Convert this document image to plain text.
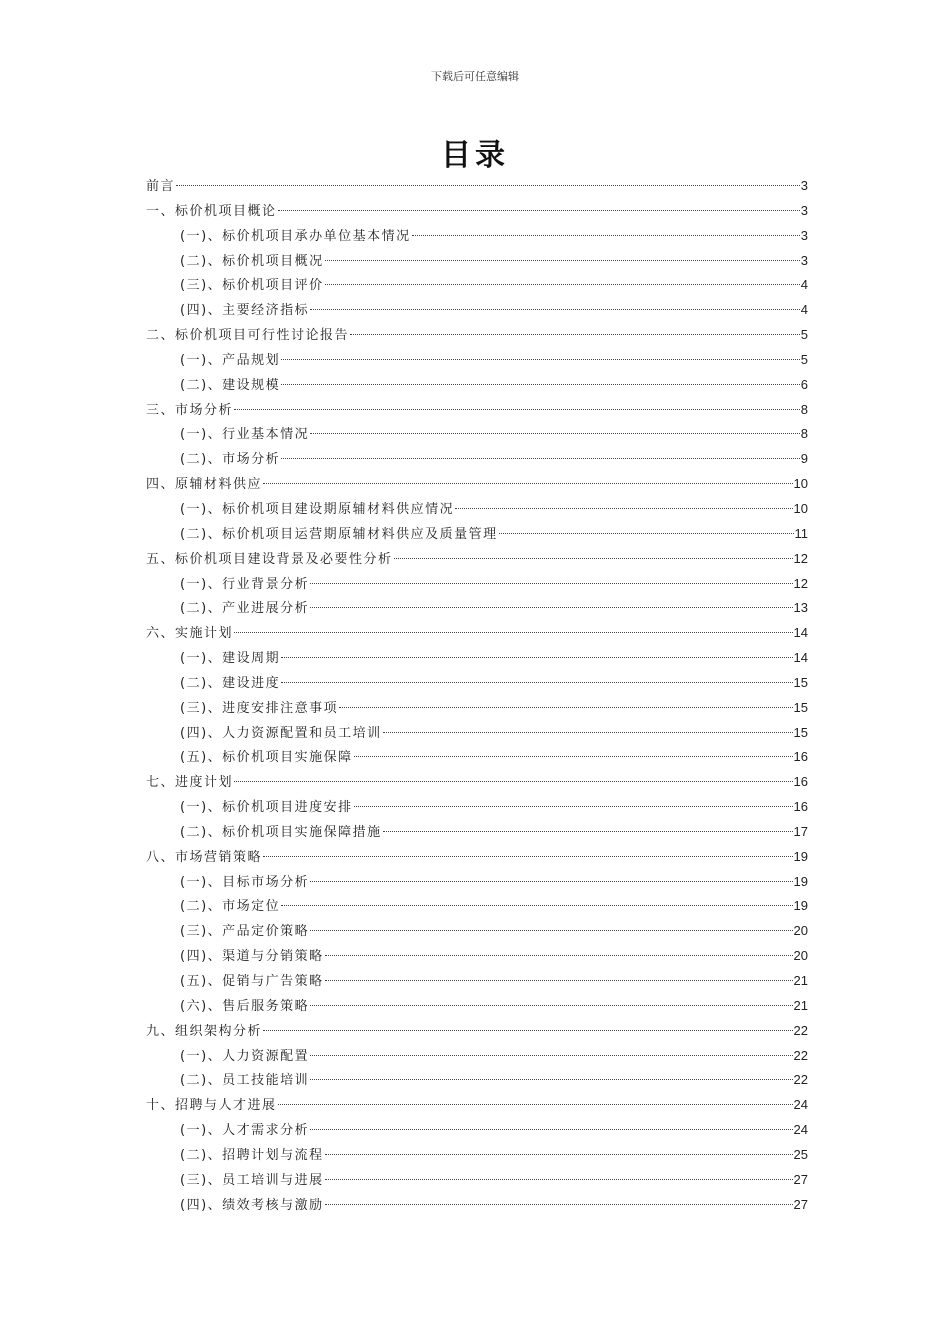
下载后可任意编辑
目录
前言	3
一、标价机项目概论	3
(一)、标价机项目承办单位基本情况	3
(二)、标价机项目概况	3
(三)、标价机项目评价	4
(四)、主要经济指标	4
二、标价机项目可行性讨论报告	5
(一)、产品规划	5
(二)、建设规模	6
三、市场分析	8
(一)、行业基本情况	8
(二)、市场分析	9
四、原辅材料供应	10
(一)、标价机项目建设期原辅材料供应情况	10
(二)、标价机项目运营期原辅材料供应及质量管理	11
五、标价机项目建设背景及必要性分析	12
(一)、行业背景分析	12
(二)、产业进展分析	13
六、实施计划	14
(一)、建设周期	14
(二)、建设进度	15
(三)、进度安排注意事项	15
(四)、人力资源配置和员工培训	15
(五)、标价机项目实施保障	16
七、进度计划	16
(一)、标价机项目进度安排	16
(二)、标价机项目实施保障措施	17
八、市场营销策略	19
(一)、目标市场分析	19
(二)、市场定位	19
(三)、产品定价策略	20
(四)、渠道与分销策略	20
(五)、促销与广告策略	21
(六)、售后服务策略	21
九、组织架构分析	22
(一)、人力资源配置	22
(二)、员工技能培训	22
十、招聘与人才进展	24
(一)、人才需求分析	24
(二)、招聘计划与流程	25
(三)、员工培训与进展	27
(四)、绩效考核与激励	27
